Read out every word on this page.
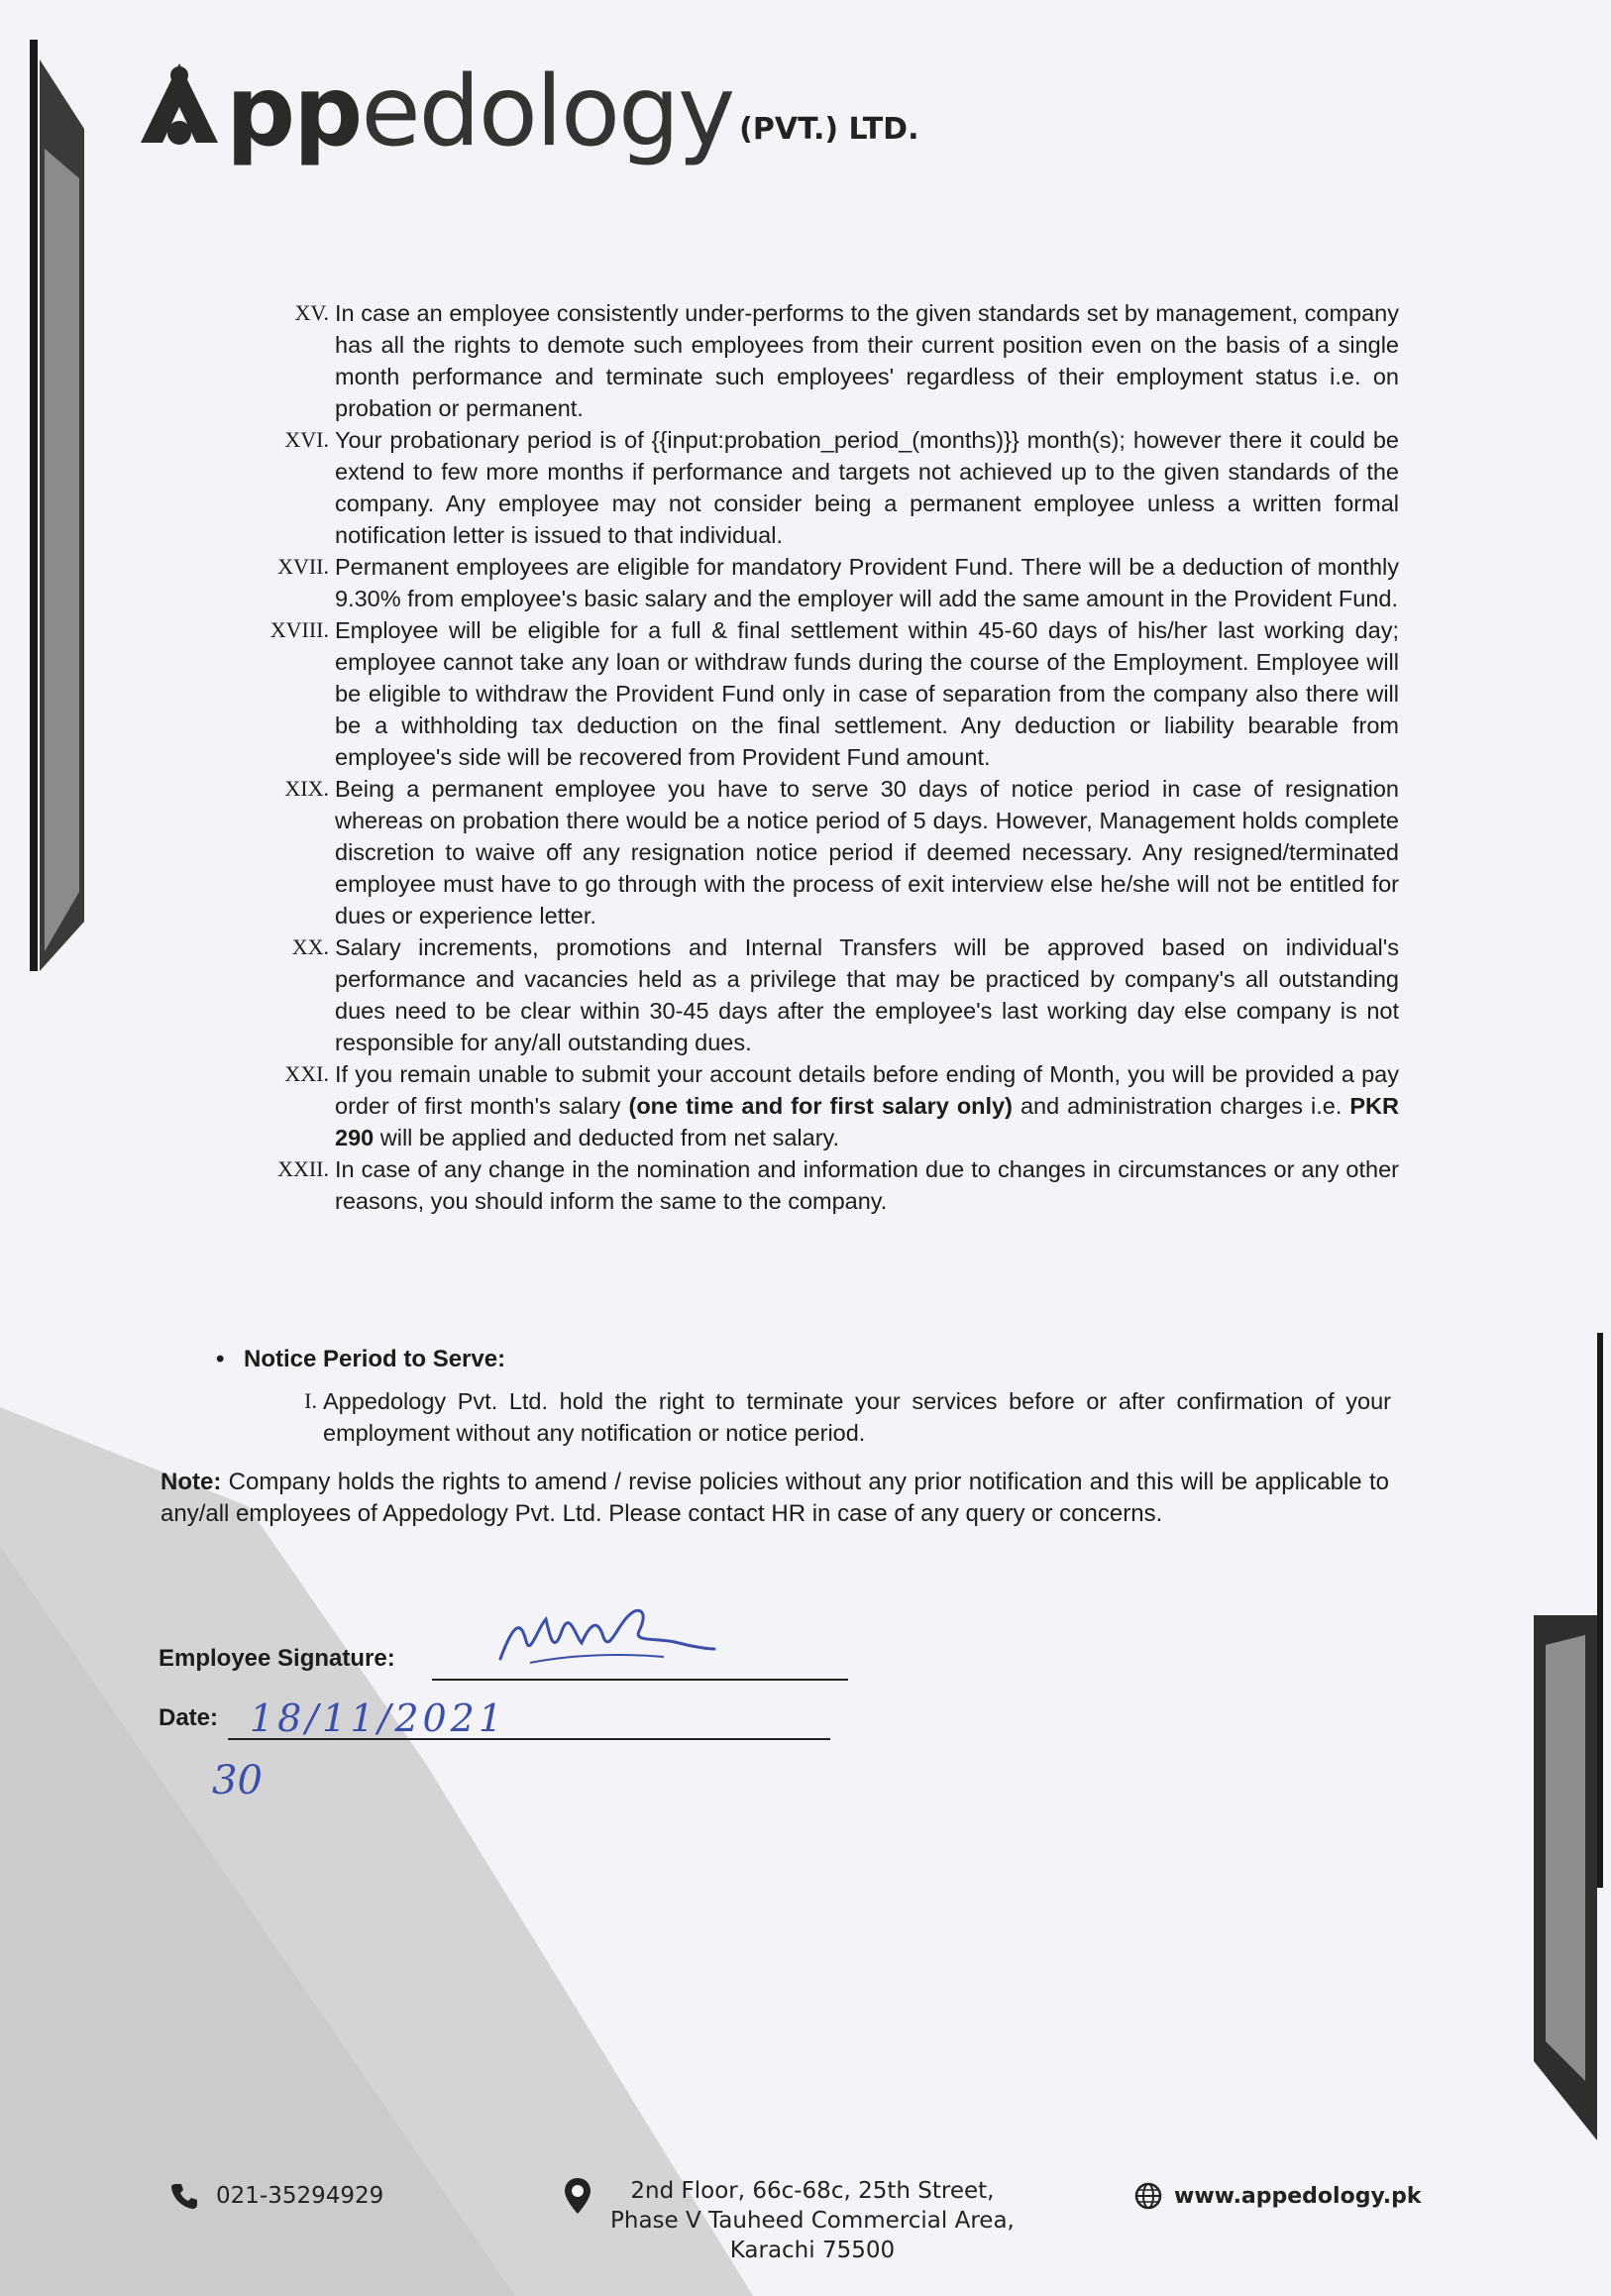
ppedology (PVT.) LTD.
XV. In case an employee consistently under-performs to the given standards set by management, company has all the rights to demote such employees from their current position even on the basis of a single month performance and terminate such employees' regardless of their employment status i.e. on probation or permanent.
XVI. Your probationary period is of {{input:probation_period_(months)}} month(s); however there it could be extend to few more months if performance and targets not achieved up to the given standards of the company. Any employee may not consider being a permanent employee unless a written formal notification letter is issued to that individual.
XVII. Permanent employees are eligible for mandatory Provident Fund. There will be a deduction of monthly 9.30% from employee's basic salary and the employer will add the same amount in the Provident Fund.
XVIII. Employee will be eligible for a full & final settlement within 45-60 days of his/her last working day; employee cannot take any loan or withdraw funds during the course of the Employment. Employee will be eligible to withdraw the Provident Fund only in case of separation from the company also there will be a withholding tax deduction on the final settlement. Any deduction or liability bearable from employee's side will be recovered from Provident Fund amount.
XIX. Being a permanent employee you have to serve 30 days of notice period in case of resignation whereas on probation there would be a notice period of 5 days. However, Management holds complete discretion to waive off any resignation notice period if deemed necessary. Any resigned/terminated employee must have to go through with the process of exit interview else he/she will not be entitled for dues or experience letter.
XX. Salary increments, promotions and Internal Transfers will be approved based on individual's performance and vacancies held as a privilege that may be practiced by company's all outstanding dues need to be clear within 30-45 days after the employee's last working day else company is not responsible for any/all outstanding dues.
XXI. If you remain unable to submit your account details before ending of Month, you will be provided a pay order of first month's salary (one time and for first salary only) and administration charges i.e. PKR 290 will be applied and deducted from net salary.
XXII. In case of any change in the nomination and information due to changes in circumstances or any other reasons, you should inform the same to the company.
• Notice Period to Serve:
I. Appedology Pvt. Ltd. hold the right to terminate your services before or after confirmation of your employment without any notification or notice period.
Note: Company holds the rights to amend / revise policies without any prior notification and this will be applicable to any/all employees of Appedology Pvt. Ltd. Please contact HR in case of any query or concerns.
Employee Signature:
Date: 18/11/2021
30
021-35294929	2nd Floor, 66c-68c, 25th Street,
Phase V Tauheed Commercial Area,
Karachi 75500
www.appedology.pk
